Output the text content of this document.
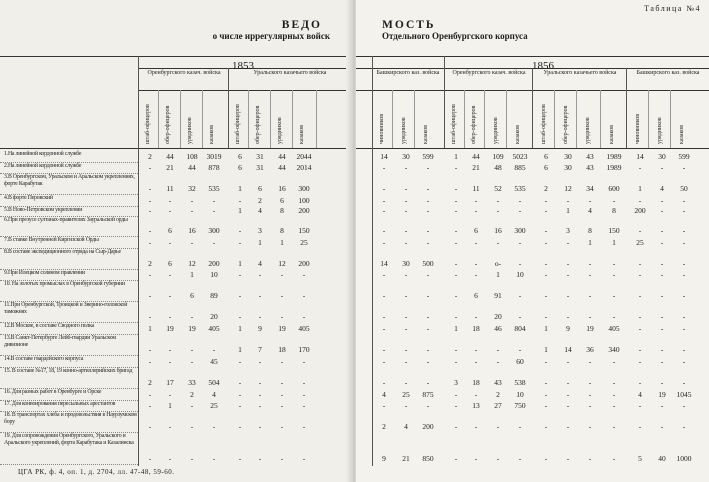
ВЕДО
о числе иррегулярных войск
1853
Оренбургского казач. войска	Уральского казачьего войска
штаб-офицеров обер-офицеров	урядников	казаков	штаб-офицеров обер-офицеров	урядников	казаков
1.На линейной кордонной службе	2	44	108	3019	6	31	44	2044
2.На линейной кордонной службе	-	21	44	878	6	31	44	2014
3.В Оренбургском, Уральском и Аральском укреплениях, форте Карабутак
-	11	32	535	1	6	16	300
4.В форте Перовский	-	-	-	-	-	2	6	100
5.В Ново-Петровском укреплении	-	-	-	-	1	4	8	200
6.При презусе султанах-правителях Зауральской орды
-	6	16	300	-	3	8	150
7.В ставке Внутренней Киргизской Орды	-	-	-	-	-	1	1	25
8.В составе экспедиционного отряда на Сыр-Дарье
2	6	12	200	1	4	12	200
9.При Илецком соляном правлении	-	-	1	10	-	-	-	-
10. На золотых промыслах в Оренбургской губернии
-	-	6	89	-	-	-	-
11.При Оренбургской, Троицкой и Зверино-головской таможнях
-	-	-	20	-	-	-	-
12.В Москве, в составе Сводного полка	1	19	19	405	1	9	19	405
13.В Санкт-Петербурге Лейб-гвардии Уральском дивизионе
-	-	-	-	1	7	18	170
14.В составе гвардейского корпуса	-	-	-	45	-	-	-	-
15. В составе №17, 18, 19 конно-артиллерийских бригад
2	17	33	504	-	-	-	-
16. Для разных работ в Оренбурге и Орске	-	-	2	4	-	-	-	-
17. Для конвоирования пересыльных арестантов	-	1	-	25	-	-	-	-
18. В транспортах хлеба и продовольствия в Наурзумском бору
-	-	-	-	-	-	-	-
19. Для сопровождения Оренбургского, Уральского и Аральского укреплений, форта Карабутака и Казалинска
-	-	-	-	-	-	-	-
ЦГА РК, ф. 4, оп. 1, д. 2704, лл. 47-48, 59-60.
Таблица №4
МОСТЬ
Отдельного Оренбургского корпуса
1856
Башкирского каз. войска	Оренбургского казач. войска	Уральского казачьего войска	Башкирского каз. войска
чиновников	урядников	казаков	штаб-офицеров обер-офицеров	урядников	казаков	штаб-офицеров	обер-офицеров	урядников	казаков	чиновников	урядников	казаков
14	30	599	1	44	109	5023	6	30	43	1989	14	30	599
-	-	-	-	21	48	885	6	30	43	1989	-	-	-
-	-	-	-	11	52	535	2	12	34	600	1	4	50
-	-	-	-	-	-	-	-	-	-	-	-	-	-
-	-	-	-	-	-	-	-	1	4	8	200	-	-
-	-	-	-	6	16	300	-	3	8	150	-	-	-
-	-	-	-	-	-	-	-	-	1	1	25	-	-
14	30	500	-	-	о-	-	-	-	-	-	-	-	-
-	-	-	-	-	1	10	-	-	-	-	-	-	-
-	-	-	-	6	91	-	-	-	-	-	-	-	-
-	-	-	-	-	20	-	-	-	-	-	-	-	-
-	-	-	1	18	46	804	1	9	19	405	-	-	-
-	-	-	-	-	-	-	1	14	36	340	-	-	-
-	-	-	-	-	-	60	-	-	-	-	-	-	-
-	-	-	3	18	43	538	-	-	-	-	-	-	-
4	25	875	-	-	2	10	-	-	-	-	4	19	1045
-	-	-	-	13	27	750	-	-	-	-	-	-	-
2	4	200	-	-	-	-	-	-	-	-	-	-	-
9	21	850	-	-	-	-	-	-	-	-	5	40	1000
